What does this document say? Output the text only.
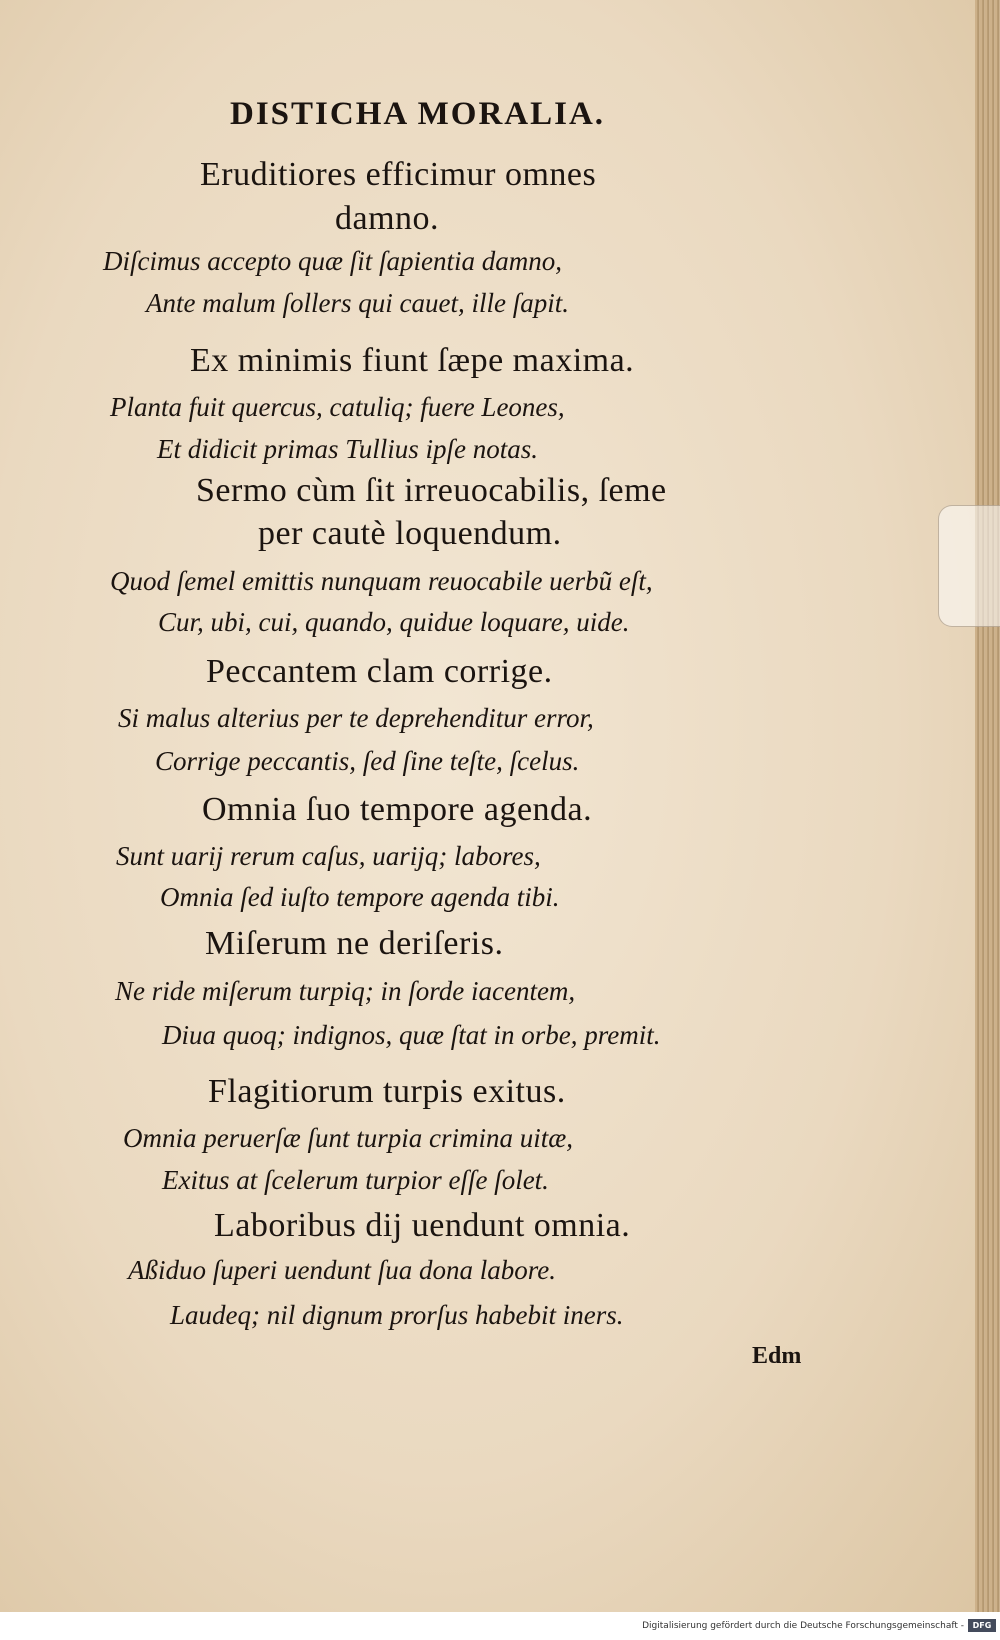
DISTICHA MORALIA.
Eruditiores efficimur omnes
damno.
Diſcimus accepto quæ ſit ſapientia damno,
Ante malum ſollers qui cauet, ille ſapit.
Ex minimis fiunt ſæpe maxima.
Planta fuit quercus, catuliq; fuere Leones,
Et didicit primas Tullius ipſe notas.
Sermo cùm ſit irreuocabilis, ſeme
per cautè loquendum.
Quod ſemel emittis nunquam reuocabile uerbũ eſt,
Cur, ubi, cui, quando, quidue loquare, uide.
Peccantem clam corrige.
Si malus alterius per te deprehenditur error,
Corrige peccantis, ſed ſine teſte, ſcelus.
Omnia ſuo tempore agenda.
Sunt uarij rerum caſus, uarijq; labores,
Omnia ſed iuſto tempore agenda tibi.
Miſerum ne deriſeris.
Ne ride miſerum turpiq; in ſorde iacentem,
Diua quoq; indignos, quæ ſtat in orbe, premit.
Flagitiorum turpis exitus.
Omnia peruerſæ ſunt turpia crimina uitæ,
Exitus at ſcelerum turpior eſſe ſolet.
Laboribus dij uendunt omnia.
Aßiduo ſuperi uendunt ſua dona labore.
Laudeq; nil dignum prorſus habebit iners.
Edm
Digitalisierung gefördert durch die Deutsche Forschungsgemeinschaft -	DFG
